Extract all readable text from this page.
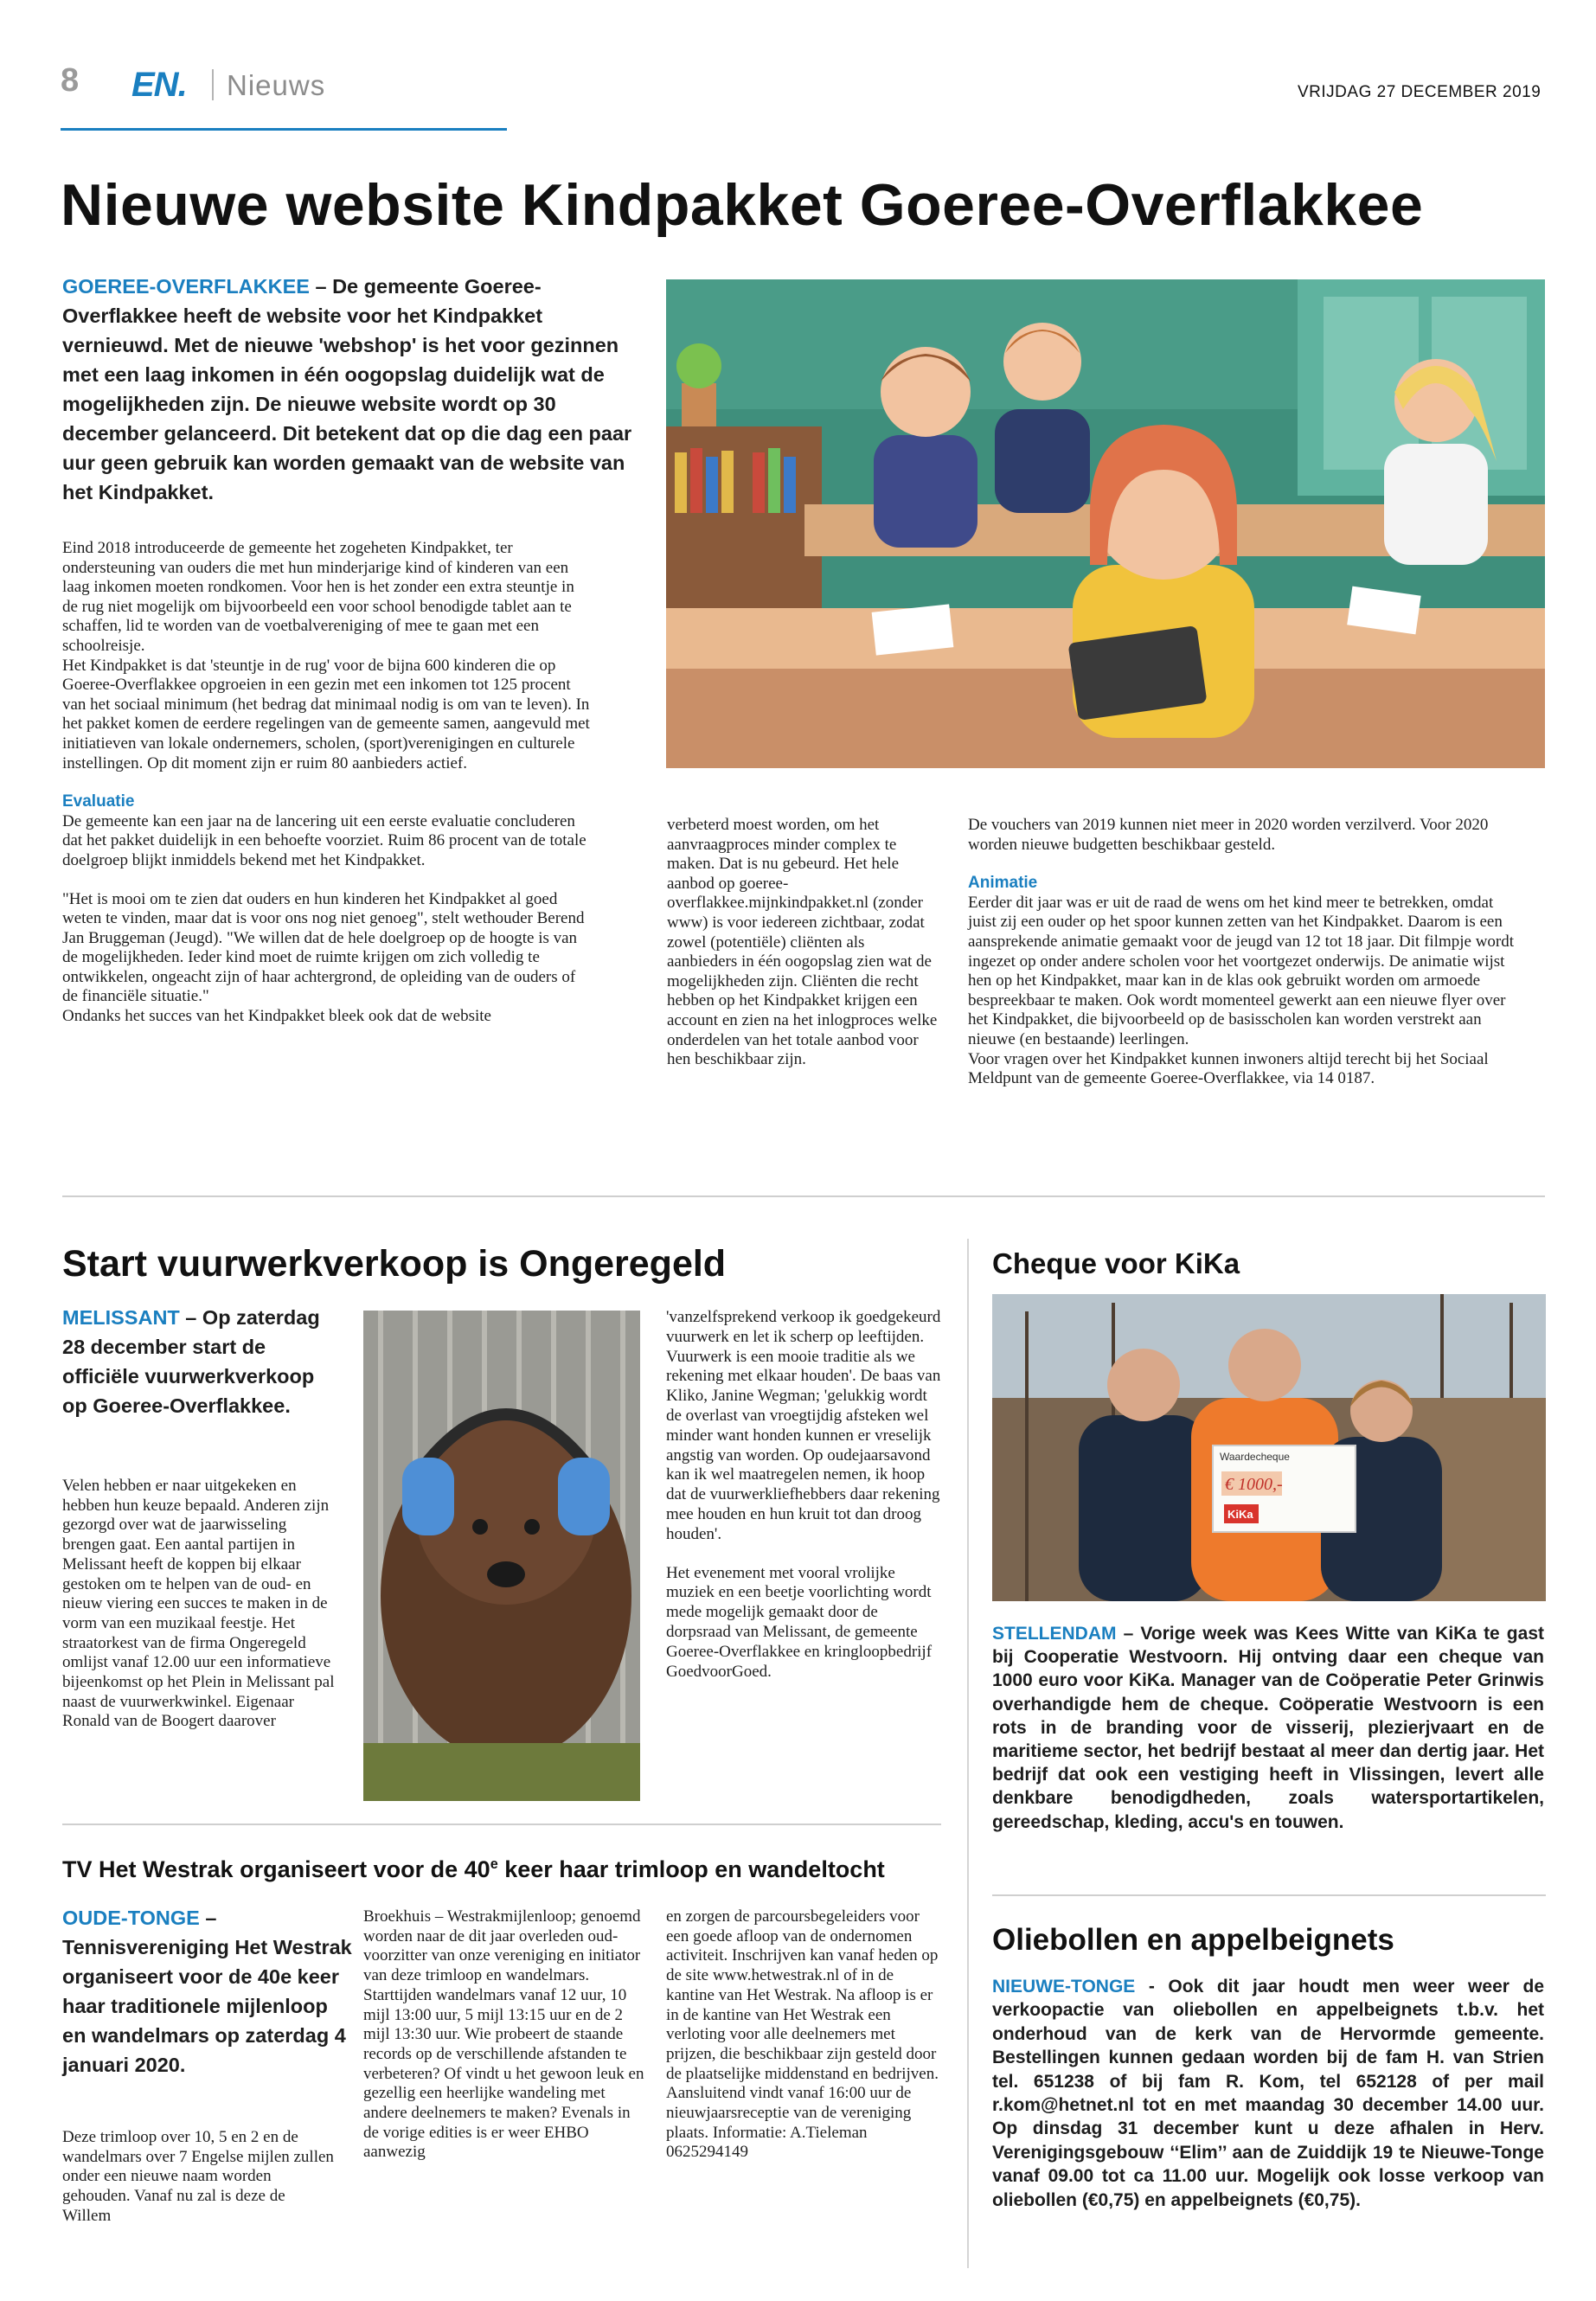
8 EN. Nieuws	VRIJDAG 27 DECEMBER 2019
Nieuwe website Kindpakket Goeree-Overflakkee
GOEREE-OVERFLAKKEE – De gemeente Goeree-Overflakkee heeft de website voor het Kindpakket vernieuwd. Met de nieuwe 'webshop' is het voor gezinnen met een laag inkomen in één oogopslag duidelijk wat de mogelijkheden zijn. De nieuwe website wordt op 30 december gelanceerd. Dit betekent dat op die dag een paar uur geen gebruik kan worden gemaakt van de website van het Kindpakket.

Eind 2018 introduceerde de gemeente het zogeheten Kindpakket, ter ondersteuning van ouders die met hun minderjarige kind of kinderen van een laag inkomen moeten rondkomen. Voor hen is het zonder een extra steuntje in de rug niet mogelijk om bijvoorbeeld een voor school benodigde tablet aan te schaffen, lid te worden van de voetbalvereniging of mee te gaan met een schoolreisje.

Het Kindpakket is dat 'steuntje in de rug' voor de bijna 600 kinderen die op Goeree-Overflakkee opgroeien in een gezin met een inkomen tot 125 procent van het sociaal minimum (het bedrag dat minimaal nodig is om van te leven). In het pakket komen de eerdere regelingen van de gemeente samen, aangevuld met initiatieven van lokale ondernemers, scholen, (sport)verenigingen en culturele instellingen. Op dit moment zijn er ruim 80 aanbieders actief.

Evaluatie

De gemeente kan een jaar na de lancering uit een eerste evaluatie concluderen dat het pakket duidelijk in een behoefte voorziet. Ruim 86 procent van de totale doelgroep blijkt inmiddels bekend met het Kindpakket.

"Het is mooi om te zien dat ouders en hun kinderen het Kindpakket al goed weten te vinden, maar dat is voor ons nog niet genoeg", stelt wethouder Berend Jan Bruggeman (Jeugd). "We willen dat de hele doelgroep op de hoogte is van de mogelijkheden. Ieder kind moet de ruimte krijgen om zich volledig te ontwikkelen, ongeacht zijn of haar achtergrond, de opleiding van de ouders of de financiële situatie."

Ondanks het succes van het Kindpakket bleek ook dat de website

verbeterd moest worden, om het aanvraagproces minder complex te maken. Dat is nu gebeurd. Het hele aanbod op goeree-overflakkee.mijnkindpakket.nl (zonder www) is voor iedereen zichtbaar, zodat zowel (potentiële) cliënten als aanbieders in één oogopslag zien wat de mogelijkheden zijn. Cliënten die recht hebben op het Kindpakket krijgen een account en zien na het inlogproces welke onderdelen van het totale aanbod voor hen beschikbaar zijn.

De vouchers van 2019 kunnen niet meer in 2020 worden verzilverd. Voor 2020 worden nieuwe budgetten beschikbaar gesteld.

Animatie

Eerder dit jaar was er uit de raad de wens om het kind meer te betrekken, omdat juist zij een ouder op het spoor kunnen zetten van het Kindpakket. Daarom is een aansprekende animatie gemaakt voor de jeugd van 12 tot 18 jaar. Dit filmpje wordt ingezet op onder andere scholen voor het voortgezet onderwijs. De animatie wijst hen op het Kindpakket, maar kan in de klas ook gebruikt worden om armoede bespreekbaar te maken. Ook wordt momenteel gewerkt aan een nieuwe flyer over het Kindpakket, die bijvoorbeeld op de basisscholen kan worden verstrekt aan nieuwe (en bestaande) leerlingen.

Voor vragen over het Kindpakket kunnen inwoners altijd terecht bij het Sociaal Meldpunt van de gemeente Goeree-Overflakkee, via 14 0187.

Start vuurwerkverkoop is Ongeregeld
MELISSANT – Op zaterdag 28 december start de officiële vuurwerkverkoop op Goeree-Overflakkee.

Velen hebben er naar uitgekeken en hebben hun keuze bepaald. Anderen zijn gezorgd over wat de jaarwisseling brengen gaat. Een aantal partijen in Melissant heeft de koppen bij elkaar gestoken om te helpen van de oud- en nieuw viering een succes te maken in de vorm van een muzikaal feestje. Het straatorkest van de firma Ongeregeld omlijst vanaf 12.00 uur een informatieve bijeenkomst op het Plein in Melissant pal naast de vuurwerkwinkel. Eigenaar Ronald van de Boogert daarover

'vanzelfsprekend verkoop ik goedgekeurd vuurwerk en let ik scherp op leeftijden. Vuurwerk is een mooie traditie als we rekening met elkaar houden'. De baas van Kliko, Janine Wegman; 'gelukkig wordt de overlast van vroegtijdig afsteken wel minder want honden kunnen er vreselijk angstig van worden. Op oudejaarsavond kan ik wel maatregelen nemen, ik hoop dat de vuurwerkliefhebbers daar rekening mee houden en hun kruit tot dan droog houden'.

Het evenement met vooral vrolijke muziek en een beetje voorlichting wordt mede mogelijk gemaakt door de dorpsraad van Melissant, de gemeente Goeree-Overflakkee en kringloopbedrijf GoedvoorGoed.

TV Het Westrak organiseert voor de 40e keer haar trimloop en wandeltocht
OUDE-TONGE – Tennisvereniging Het Westrak organiseert voor de 40e keer haar traditionele mijlenloop en wandelmars op zaterdag 4 januari 2020.

Deze trimloop over 10, 5 en 2 en de wandelmars over 7 Engelse mijlen zullen onder een nieuwe naam worden gehouden. Vanaf nu zal is deze de Willem

Broekhuis – Westrakmijlenloop; genoemd worden naar de dit jaar overleden oud-voorzitter van onze vereniging en initiator van deze trimloop en wandelmars. Starttijden wandelmars vanaf 12 uur, 10 mijl 13:00 uur, 5 mijl 13:15 uur en de 2 mijl 13:30 uur. Wie probeert de staande records op de verschillende afstanden te verbeteren? Of vindt u het gewoon leuk en gezellig een heerlijke wandeling met andere deelnemers te maken? Evenals in de vorige edities is er weer EHBO aanwezig

en zorgen de parcoursbegeleiders voor een goede afloop van de ondernomen activiteit. Inschrijven kan vanaf heden op de site www.hetwestrak.nl of in de kantine van Het Westrak. Na afloop is er in de kantine van Het Westrak een verloting voor alle deelnemers met prijzen, die beschikbaar zijn gesteld door de plaatselijke middenstand en bedrijven. Aansluitend vindt vanaf 16:00 uur de nieuwjaarsreceptie van de vereniging plaats. Informatie: A.Tieleman 0625294149

Cheque voor KiKa
Waardecheque
€ 1000,-
KiKa
STELLENDAM – Vorige week was Kees Witte van KiKa te gast bij Cooperatie Westvoorn. Hij ontving daar een cheque van 1000 euro voor KiKa. Manager van de Coöperatie Peter Grinwis overhandigde hem de cheque. Coöperatie Westvoorn is een rots in de branding voor de visserij, plezierjvaart en de maritieme sector, het bedrijf bestaat al meer dan dertig jaar. Het bedrijf dat ook een vestiging heeft in Vlissingen, levert alle denkbare benodigdheden, zoals watersportartikelen, gereedschap, kleding, accu's en touwen.
Oliebollen en appelbeignets
NIEUWE-TONGE - Ook dit jaar houdt men weer weer de verkoopactie van oliebollen en appelbeignets t.b.v. het onderhoud van de kerk van de Hervormde gemeente. Bestellingen kunnen gedaan worden bij de fam H. van Strien tel. 651238 of bij fam R. Kom, tel 652128 of per mail r.kom@hetnet.nl tot en met maandag 30 december 14.00 uur. Op dinsdag 31 december kunt u deze afhalen in Herv. Verenigingsgebouw ‘‘Elim’’ aan de Zuiddijk 19 te Nieuwe-Tonge vanaf 09.00 tot ca 11.00 uur. Mogelijk ook losse verkoop van oliebollen (€0,75) en appelbeignets (€0,75).
